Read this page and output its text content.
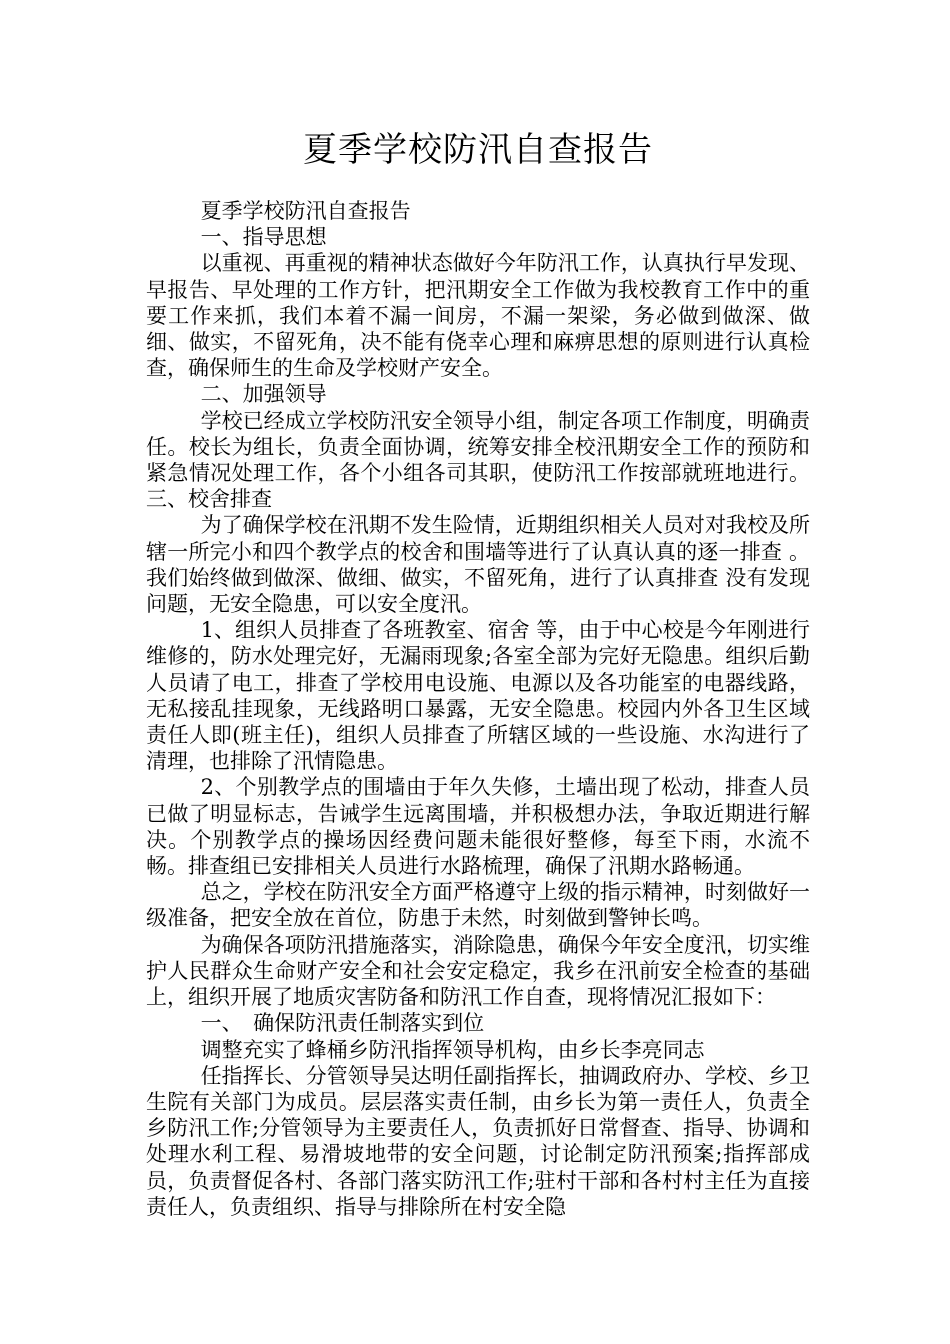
夏季学校防汛自查报告

夏季学校防汛自查报告

一、指导思想

以重视、再重视的精神状态做好今年防汛工作，认真执行早发现、早报告、早处理的工作方针，把汛期安全工作做为我校教育工作中的重要工作来抓，我们本着不漏一间房，不漏一架梁，务必做到做深、做细、做实，不留死角，决不能有侥幸心理和麻痹思想的原则进行认真检查，确保师生的生命及学校财产安全。

二、加强领导

学校已经成立学校防汛安全领导小组，制定各项工作制度，明确责任。校长为组长，负责全面协调，统筹安排全校汛期安全工作的预防和紧急情况处理工作，各个小组各司其职，使防汛工作按部就班地进行。三、校舍排查

为了确保学校在汛期不发生险情，近期组织相关人员对对我校及所辖一所完小和四个教学点的校舍和围墙等进行了认真认真的逐一排查 。我们始终做到做深、做细、做实，不留死角，进行了认真排查 没有发现问题，无安全隐患，可以安全度汛。

1、组织人员排查了各班教室、宿舍 等，由于中心校是今年刚进行维修的，防水处理完好，无漏雨现象;各室全部为完好无隐患。组织后勤人员请了电工，排查了学校用电设施、电源以及各功能室的电器线路，无私接乱挂现象，无线路明口暴露，无安全隐患。校园内外各卫生区域责任人即(班主任)，组织人员排查了所辖区域的一些设施、水沟进行了清理，也排除了汛情隐患。

2、个别教学点的围墙由于年久失修，土墙出现了松动，排查人员已做了明显标志，告诫学生远离围墙，并积极想办法，争取近期进行解决。个别教学点的操场因经费问题未能很好整修，每至下雨，水流不畅。排查组已安排相关人员进行水路梳理，确保了汛期水路畅通。

总之，学校在防汛安全方面严格遵守上级的指示精神，时刻做好一级准备，把安全放在首位，防患于未然，时刻做到警钟长鸣。

为确保各项防汛措施落实，消除隐患，确保今年安全度汛，切实维护人民群众生命财产安全和社会安定稳定，我乡在汛前安全检查的基础上，组织开展了地质灾害防备和防汛工作自查，现将情况汇报如下：

一、　确保防汛责任制落实到位

调整充实了蜂桶乡防汛指挥领导机构，由乡长李亮同志

任指挥长、分管领导吴达明任副指挥长，抽调政府办、学校、乡卫生院有关部门为成员。层层落实责任制，由乡长为第一责任人，负责全乡防汛工作;分管领导为主要责任人，负责抓好日常督查、指导、协调和处理水利工程、易滑坡地带的安全问题，讨论制定防汛预案;指挥部成员，负责督促各村、各部门落实防汛工作;驻村干部和各村村主任为直接责任人，负责组织、指导与排除所在村安全隐
